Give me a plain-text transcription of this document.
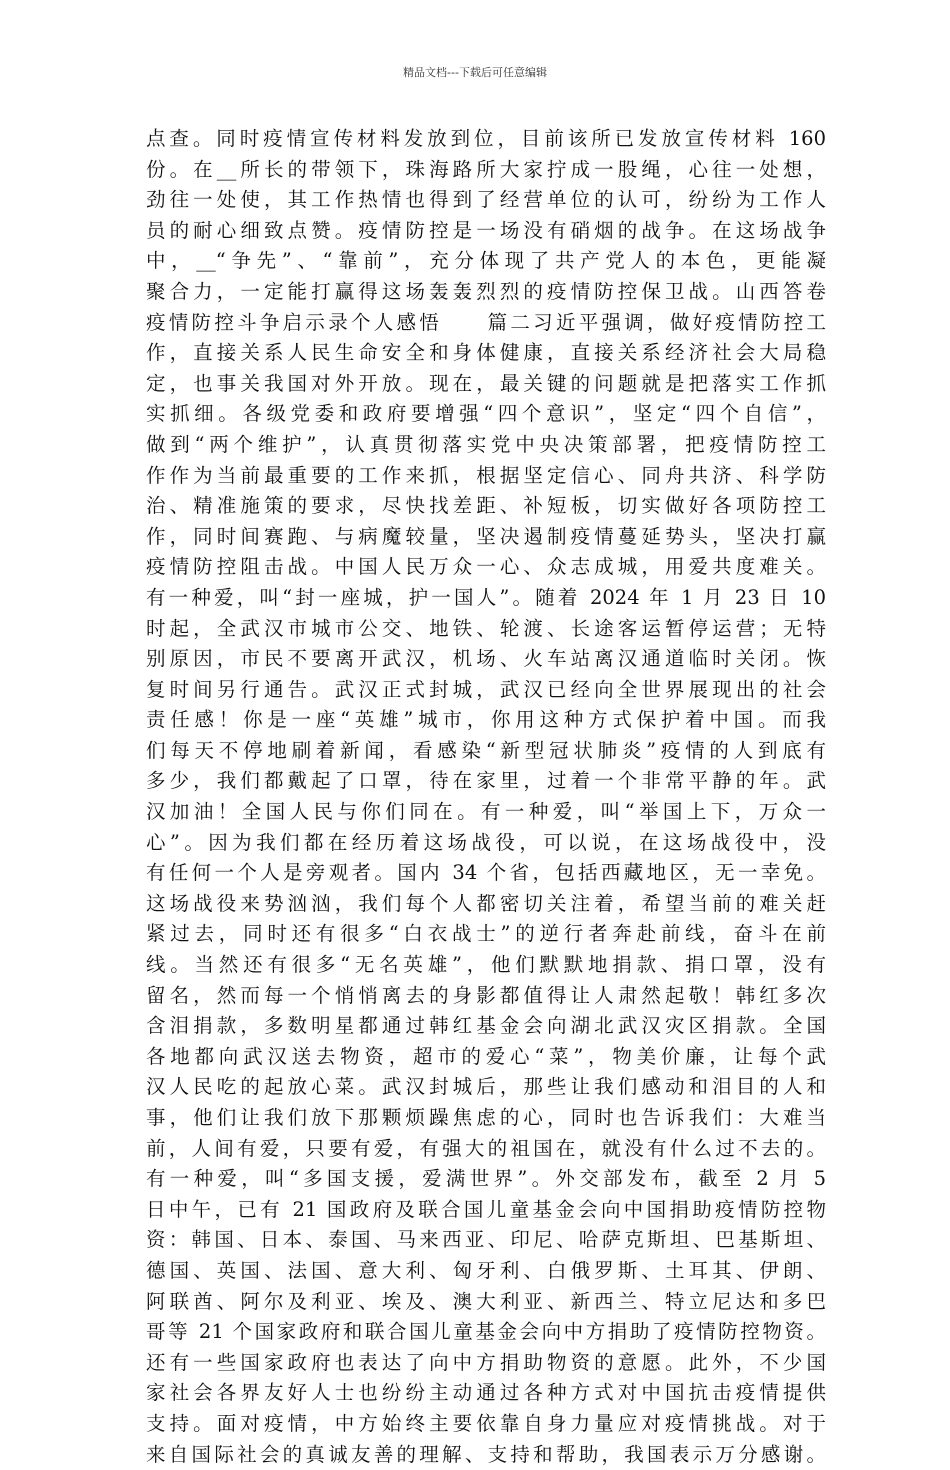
精品文档---下载后可任意编辑
点查。同时疫情宣传材料发放到位，目前该所已发放宣传材料 160
份。在__所长的带领下，珠海路所大家拧成一股绳，心往一处想，
劲往一处使，其工作热情也得到了经营单位的认可，纷纷为工作人
员的耐心细致点赞。疫情防控是一场没有硝烟的战争。在这场战争
中，__“争先”、“靠前”，充分体现了共产党人的本色，更能凝
聚合力，一定能打赢得这场轰轰烈烈的疫情防控保卫战。山西答卷
疫情防控斗争启示录个人感悟　　篇二习近平强调，做好疫情防控工
作，直接关系人民生命安全和身体健康，直接关系经济社会大局稳
定，也事关我国对外开放。现在，最关键的问题就是把落实工作抓
实抓细。各级党委和政府要增强“四个意识”，坚定“四个自信”，
做到“两个维护”，认真贯彻落实党中央决策部署，把疫情防控工
作作为当前最重要的工作来抓，根据坚定信心、同舟共济、科学防
治、精准施策的要求，尽快找差距、补短板，切实做好各项防控工
作，同时间赛跑、与病魔较量，坚决遏制疫情蔓延势头，坚决打赢
疫情防控阻击战。中国人民万众一心、众志成城，用爱共度难关。
有一种爱，叫“封一座城，护一国人”。随着 2024 年 1 月 23 日 10
时起，全武汉市城市公交、地铁、轮渡、长途客运暂停运营；无特
别原因，市民不要离开武汉，机场、火车站离汉通道临时关闭。恢
复时间另行通告。武汉正式封城，武汉已经向全世界展现出的社会
责任感！你是一座“英雄”城市，你用这种方式保护着中国。而我
们每天不停地刷着新闻，看感染“新型冠状肺炎”疫情的人到底有
多少，我们都戴起了口罩，待在家里，过着一个非常平静的年。武
汉加油！全国人民与你们同在。有一种爱，叫“举国上下，万众一
心”。因为我们都在经历着这场战役，可以说，在这场战役中，没
有任何一个人是旁观者。国内 34 个省，包括西藏地区，无一幸免。
这场战役来势汹汹，我们每个人都密切关注着，希望当前的难关赶
紧过去，同时还有很多“白衣战士”的逆行者奔赴前线，奋斗在前
线。当然还有很多“无名英雄”，他们默默地捐款、捐口罩，没有
留名，然而每一个悄悄离去的身影都值得让人肃然起敬！韩红多次
含泪捐款，多数明星都通过韩红基金会向湖北武汉灾区捐款。全国
各地都向武汉送去物资，超市的爱心“菜”，物美价廉，让每个武
汉人民吃的起放心菜。武汉封城后，那些让我们感动和泪目的人和
事，他们让我们放下那颗烦躁焦虑的心，同时也告诉我们：大难当
前，人间有爱，只要有爱，有强大的祖国在，就没有什么过不去的。
有一种爱，叫“多国支援，爱满世界”。外交部发布，截至 2 月 5
日中午，已有 21 国政府及联合国儿童基金会向中国捐助疫情防控物
资：韩国、日本、泰国、马来西亚、印尼、哈萨克斯坦、巴基斯坦、
德国、英国、法国、意大利、匈牙利、白俄罗斯、土耳其、伊朗、
阿联酋、阿尔及利亚、埃及、澳大利亚、新西兰、特立尼达和多巴
哥等 21 个国家政府和联合国儿童基金会向中方捐助了疫情防控物资。
还有一些国家政府也表达了向中方捐助物资的意愿。此外，不少国
家社会各界友好人士也纷纷主动通过各种方式对中国抗击疫情提供
支持。面对疫情，中方始终主要依靠自身力量应对疫情挑战。对于
来自国际社会的真诚友善的理解、支持和帮助，我国表示万分感谢。
